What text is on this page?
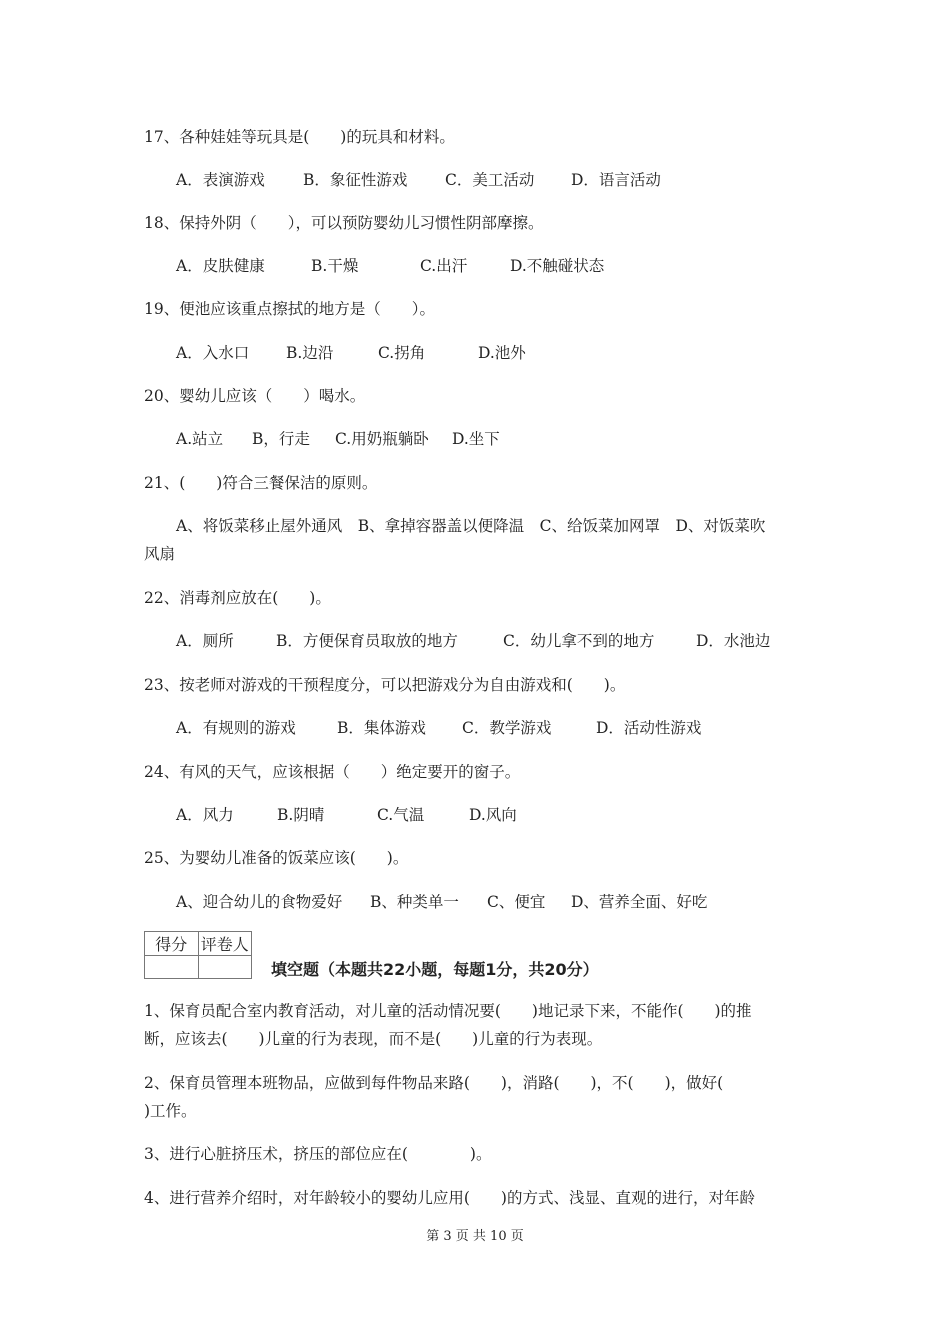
17、各种娃娃等玩具是(　　)的玩具和材料。
A．表演游戏 B．象征性游戏 C．美工活动 D．语言活动
18、保持外阴（　　），可以预防婴幼儿习惯性阴部摩擦。
A．皮肤健康	B.干燥	C.出汗	D.不触碰状态
19、便池应该重点擦拭的地方是（　　）。
A．入水口 B.边沿	C.拐角	D.池外
20、婴幼儿应该（　　）喝水。
A.站立 B，行走 C.用奶瓶躺卧 D.坐下
21、(　　)符合三餐保洁的原则。
A、将饭菜移止屋外通风　B、拿掉容器盖以便降温　C、给饭菜加网罩　D、对饭菜吹
风扇
22、消毒剂应放在(　　)。
A．厕所	B．方便保育员取放的地方	C．幼儿拿不到的地方	D．水池边
23、按老师对游戏的干预程度分，可以把游戏分为自由游戏和(　　)。
A．有规则的游戏	B．集体游戏 C．教学游戏	D．活动性游戏
24、有风的天气，应该根据（　　）绝定要开的窗子。
A．风力	B.阴晴	C.气温	D.风向
25、为婴幼儿准备的饭菜应该(　　)。
A、迎合幼儿的食物爱好 B、种类单一 C、便宜 D、营养全面、好吃
得分	评卷人

填空题（本题共22小题，每题1分，共20分）
1、保育员配合室内教育活动，对儿童的活动情况要(　　)地记录下来，不能作(　　)的推
断，应该去(　　)儿童的行为表现，而不是(　　)儿童的行为表现。
2、保育员管理本班物品，应做到每件物品来路(　　)，消路(　　)，不(　　)，做好(
)工作。
3、进行心脏挤压术，挤压的部位应在(　　　　)。
4、进行营养介绍时，对年龄较小的婴幼儿应用(　　)的方式、浅显、直观的进行，对年龄
第 3 页 共 10 页
